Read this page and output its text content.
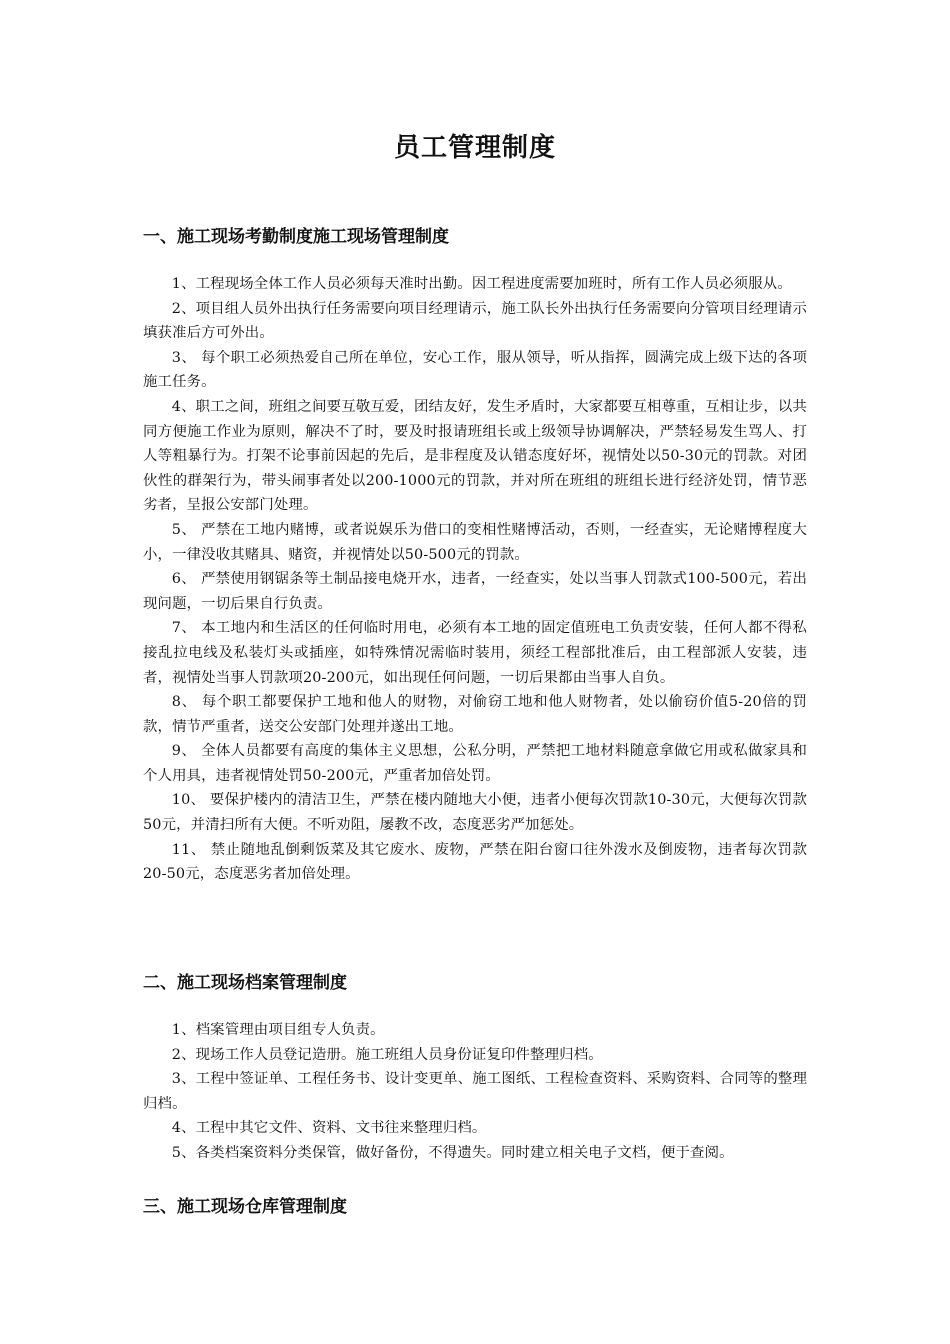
员工管理制度
一、施工现场考勤制度施工现场管理制度

1、工程现场全体工作人员必须每天准时出勤。因工程进度需要加班时，所有工作人员必须服从。

2、项目组人员外出执行任务需要向项目经理请示，施工队长外出执行任务需要向分管项目经理请示填获准后方可外出。

3、 每个职工必须热爱自己所在单位，安心工作，服从领导，听从指挥，圆满完成上级下达的各项施工任务。

4、职工之间，班组之间要互敬互爱，团结友好，发生矛盾时，大家都要互相尊重，互相让步，以共同方便施工作业为原则，解决不了时，要及时报请班组长或上级领导协调解决，严禁轻易发生骂人、打人等粗暴行为。打架不论事前因起的先后，是非程度及认错态度好坏，视情处以50-30元的罚款。对团伙性的群架行为，带头闹事者处以200-1000元的罚款，并对所在班组的班组长进行经济处罚，情节恶劣者，呈报公安部门处理。

5、 严禁在工地内赌博，或者说娱乐为借口的变相性赌博活动，否则，一经查实，无论赌博程度大小，一律没收其赌具、赌资，并视情处以50-500元的罚款。

6、 严禁使用钢锯条等土制品接电烧开水，违者，一经查实，处以当事人罚款式100-500元，若出现问题，一切后果自行负责。

7、 本工地内和生活区的任何临时用电，必须有本工地的固定值班电工负责安装，任何人都不得私接乱拉电线及私装灯头或插座，如特殊情况需临时装用，须经工程部批准后，由工程部派人安装，违者，视情处当事人罚款项20-200元，如出现任何问题，一切后果都由当事人自负。

8、 每个职工都要保护工地和他人的财物，对偷窃工地和他人财物者，处以偷窃价值5-20倍的罚款，情节严重者，送交公安部门处理并遂出工地。

9、 全体人员都要有高度的集体主义思想，公私分明，严禁把工地材料随意拿做它用或私做家具和个人用具，违者视情处罚50-200元，严重者加倍处罚。

10、 要保护楼内的清洁卫生，严禁在楼内随地大小便，违者小便每次罚款10-30元，大便每次罚款50元，并清扫所有大便。不听劝阻，屡教不改，态度恶劣严加惩处。

11、 禁止随地乱倒剩饭菜及其它废水、废物，严禁在阳台窗口往外泼水及倒废物，违者每次罚款20-50元，态度恶劣者加倍处理。

二、施工现场档案管理制度

1、档案管理由项目组专人负责。

2、现场工作人员登记造册。施工班组人员身份证复印件整理归档。

3、工程中签证单、工程任务书、设计变更单、施工图纸、工程检查资料、采购资料、合同等的整理归档。

4、工程中其它文件、资料、文书往来整理归档。

5、各类档案资料分类保管，做好备份，不得遗失。同时建立相关电子文档，便于查阅。

三、施工现场仓库管理制度
